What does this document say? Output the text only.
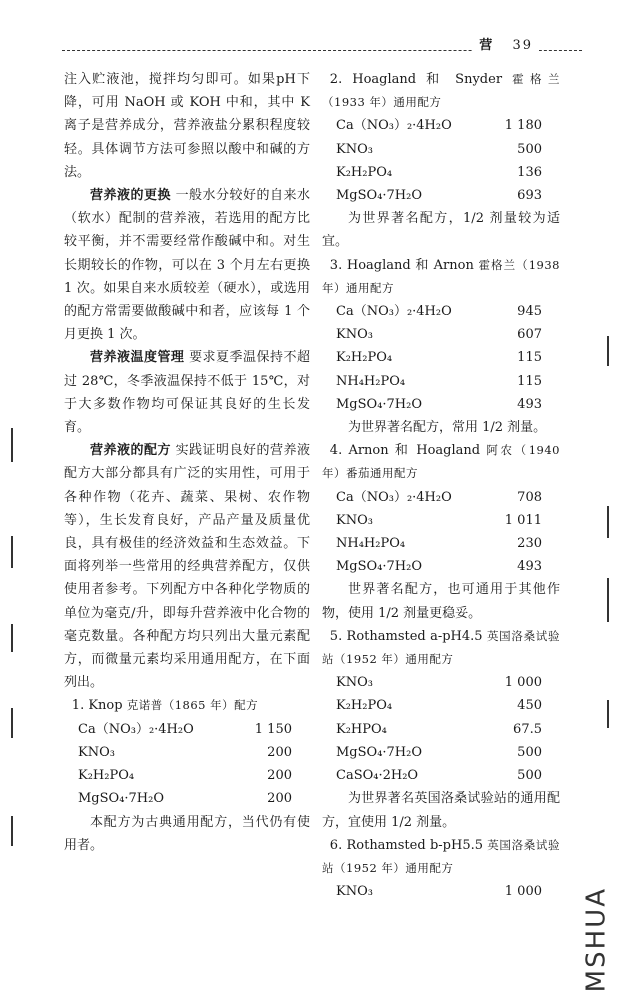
营 39

注入贮液池，搅拌均匀即可。如果pH下降，可用 NaOH 或 KOH 中和，其中 K 离子是营养成分，营养液盐分累积程度较轻。具体调节方法可参照以酸中和碱的方法。

营养液的更换 一般水分较好的自来水（软水）配制的营养液，若选用的配方比较平衡，并不需要经常作酸碱中和。对生长期较长的作物，可以在 3 个月左右更换 1 次。如果自来水质较差（硬水），或选用的配方常需要做酸碱中和者，应该每 1 个月更换 1 次。

营养液温度管理 要求夏季温保持不超过 28℃，冬季液温保持不低于 15℃，对于大多数作物均可保证其良好的生长发育。

营养液的配方 实践证明良好的营养液配方大部分都具有广泛的实用性，可用于各种作物（花卉、蔬菜、果树、农作物等），生长发育良好，产品产量及质量优良，具有极佳的经济效益和生态效益。下面将列举一些常用的经典营养配方，仅供使用者参考。下列配方中各种化学物质的单位为毫克/升，即每升营养液中化合物的毫克数量。各种配方均只列出大量元素配方，而微量元素均采用通用配方，在下面列出。

1. Knop 克诺普（1865 年）配方

Ca（NO₃）₂·4H₂O	1 150
KNO₃	200
K₂H₂PO₄	200
MgSO₄·7H₂O	200

本配方为古典通用配方，当代仍有使用者。

2. Hoagland 和 Snyder 霍格兰（1933 年）通用配方

Ca（NO₃）₂·4H₂O	1 180
KNO₃	500
K₂H₂PO₄	136
MgSO₄·7H₂O	693

为世界著名配方，1/2 剂量较为适宜。

3. Hoagland 和 Arnon 霍格兰（1938 年）通用配方

Ca（NO₃）₂·4H₂O	945
KNO₃	607
K₂H₂PO₄	115
NH₄H₂PO₄	115
MgSO₄·7H₂O	493

为世界著名配方，常用 1/2 剂量。

4. Arnon 和 Hoagland 阿农（1940 年）番茄通用配方

Ca（NO₃）₂·4H₂O	708
KNO₃	1 011
NH₄H₂PO₄	230
MgSO₄·7H₂O	493

世界著名配方，也可通用于其他作物，使用 1/2 剂量更稳妥。

5. Rothamsted a-pH4.5 英国洛桑试验站（1952 年）通用配方

KNO₃	1 000
K₂H₂PO₄	450
K₂HPO₄	67.5
MgSO₄·7H₂O	500
CaSO₄·2H₂O	500

为世界著名英国洛桑试验站的通用配方，宜使用 1/2 剂量。

6. Rothamsted b-pH5.5 英国洛桑试验站（1952 年）通用配方

KNO₃	1 000 MSHUA
